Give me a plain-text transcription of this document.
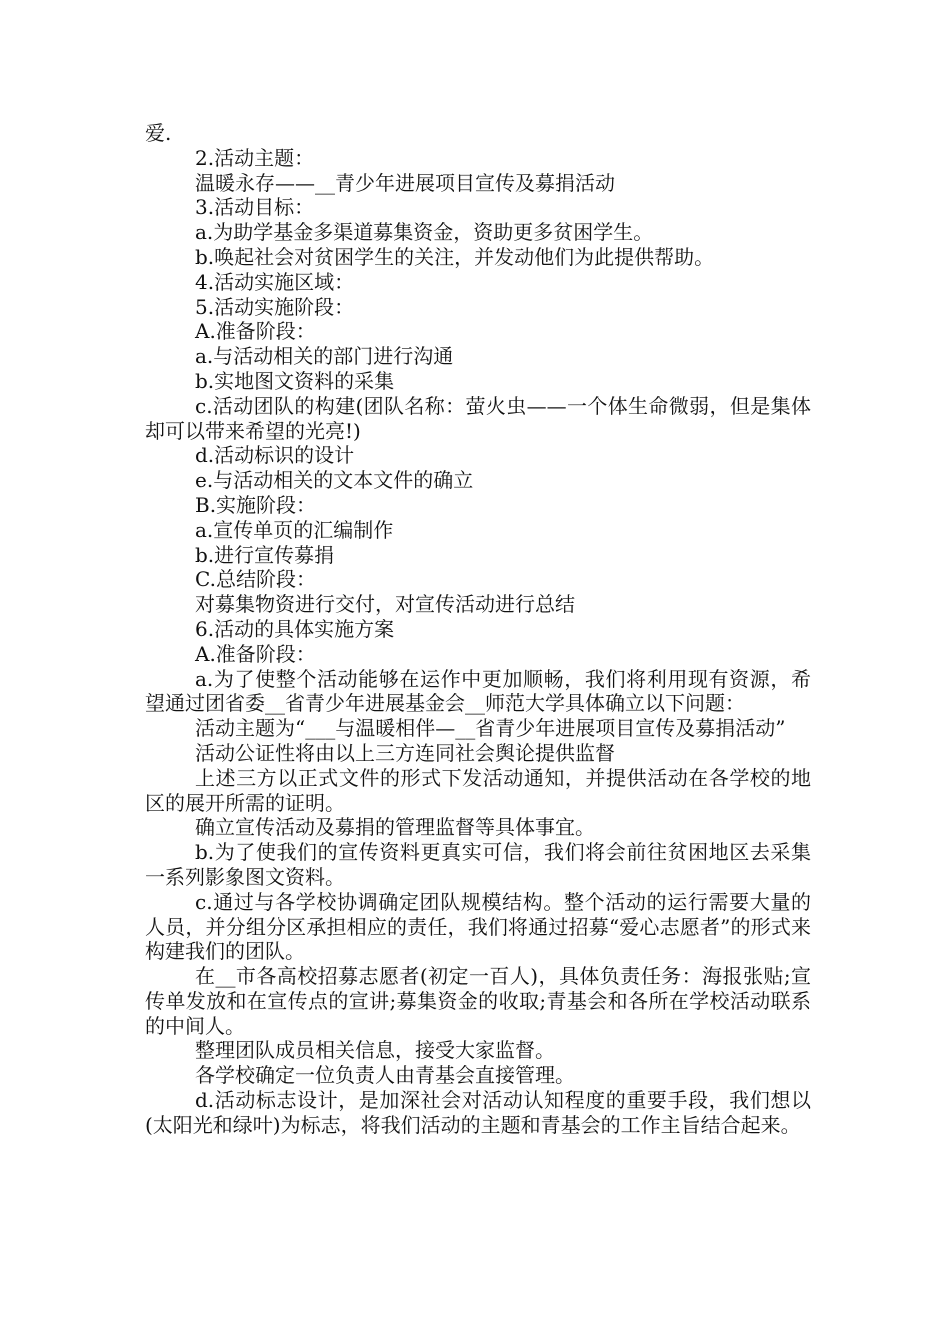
爱.

2.活动主题：

温暖永存——__青少年进展项目宣传及募捐活动

3.活动目标：

a.为助学基金多渠道募集资金，资助更多贫困学生。

b.唤起社会对贫困学生的关注，并发动他们为此提供帮助。

4.活动实施区域：

5.活动实施阶段：

A.准备阶段：

a.与活动相关的部门进行沟通

b.实地图文资料的采集

c.活动团队的构建(团队名称：萤火虫——一个体生命微弱，但是集体却可以带来希望的光亮!)

d.活动标识的设计

e.与活动相关的文本文件的确立

B.实施阶段：

a.宣传单页的汇编制作

b.进行宣传募捐

C.总结阶段：

对募集物资进行交付，对宣传活动进行总结

6.活动的具体实施方案

A.准备阶段：

a.为了使整个活动能够在运作中更加顺畅，我们将利用现有资源，希望通过团省委__省青少年进展基金会__师范大学具体确立以下问题：

活动主题为“___与温暖相伴—__省青少年进展项目宣传及募捐活动”

活动公证性将由以上三方连同社会舆论提供监督

上述三方以正式文件的形式下发活动通知，并提供活动在各学校的地区的展开所需的证明。

确立宣传活动及募捐的管理监督等具体事宜。

b.为了使我们的宣传资料更真实可信，我们将会前往贫困地区去采集一系列影象图文资料。

c.通过与各学校协调确定团队规模结构。整个活动的运行需要大量的人员，并分组分区承担相应的责任，我们将通过招募“爱心志愿者”的形式来构建我们的团队。

在__市各高校招募志愿者(初定一百人)，具体负责任务：海报张贴;宣传单发放和在宣传点的宣讲;募集资金的收取;青基会和各所在学校活动联系的中间人。

整理团队成员相关信息，接受大家监督。

各学校确定一位负责人由青基会直接管理。

d.活动标志设计，是加深社会对活动认知程度的重要手段，我们想以(太阳光和绿叶)为标志，将我们活动的主题和青基会的工作主旨结合起来。
